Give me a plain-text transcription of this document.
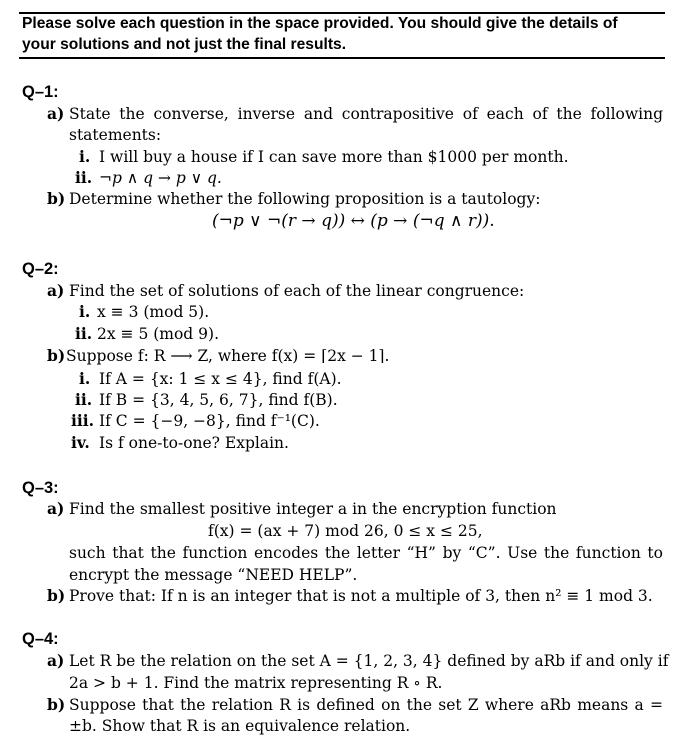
Please solve each question in the space provided. You should give the details of
your solutions and not just the final results.
Q–1:
a) State the converse, inverse and contrapositive of each of the following
statements:
i. I will buy a house if I can save more than $1000 per month.
ii. ¬p ∧ q → p ∨ q.
b) Determine whether the following proposition is a tautology:
(¬p ∨ ¬(r → q)) ↔ (p → (¬q ∧ r)).
Q–2:
a) Find the set of solutions of each of the linear congruence:
i. x ≡ 3 (mod 5).
ii. 2x ≡ 5 (mod 9).
b) Suppose f: R ⟶ Z, where f(x) = ⌈2x − 1⌉.
i. If A = {x: 1 ≤ x ≤ 4}, find f(A).
ii. If B = {3, 4, 5, 6, 7}, find f(B).
iii. If C = {−9, −8}, find f⁻¹(C).
iv. Is f one-to-one? Explain.
Q–3:
a) Find the smallest positive integer a in the encryption function
f(x) = (ax + 7) mod 26, 0 ≤ x ≤ 25,
such that the function encodes the letter “H” by “C”. Use the function to
encrypt the message “NEED HELP”.
b) Prove that: If n is an integer that is not a multiple of 3, then n² ≡ 1 mod 3.
Q–4:
a) Let R be the relation on the set A = {1, 2, 3, 4} defined by aRb if and only if
2a > b + 1. Find the matrix representing R ∘ R.
b) Suppose that the relation R is defined on the set Z where aRb means a =
±b. Show that R is an equivalence relation.
